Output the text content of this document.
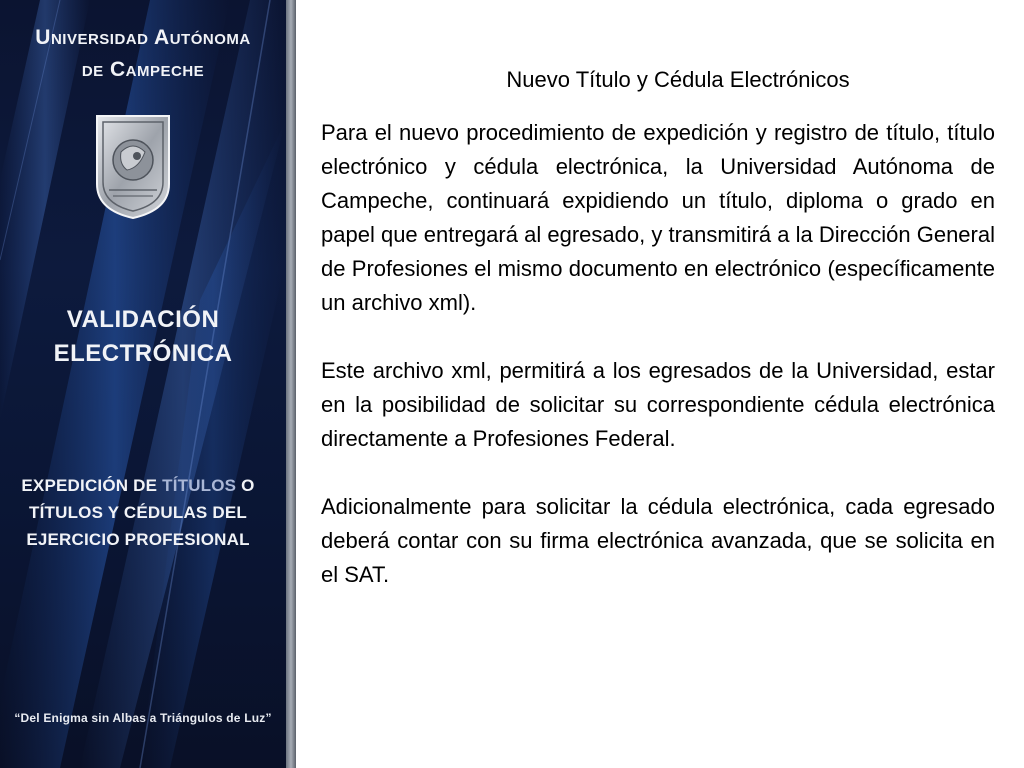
Universidad Autónoma
de Campeche
VALIDACIÓN
ELECTRÓNICA
EXPEDICIÓN DE TÍTULOS O
TÍTULOS Y CÉDULAS DEL
EJERCICIO PROFESIONAL
“Del Enigma sin Albas a Triángulos de Luz”
Nuevo Título y Cédula Electrónicos

Para el nuevo procedimiento de expedición y registro de título, título electrónico y cédula electrónica, la Universidad Autónoma de Campeche, continuará expidiendo un título, diploma o grado en papel que entregará al egresado, y transmitirá a la Dirección General de Profesiones el mismo documento en electrónico (específicamente un archivo xml).

Este archivo xml, permitirá a los egresados de la Universidad, estar en la posibilidad de solicitar su correspondiente cédula electrónica directamente a Profesiones Federal.

Adicionalmente para solicitar la cédula electrónica, cada egresado deberá contar con su firma electrónica avanzada, que se solicita en el SAT.
